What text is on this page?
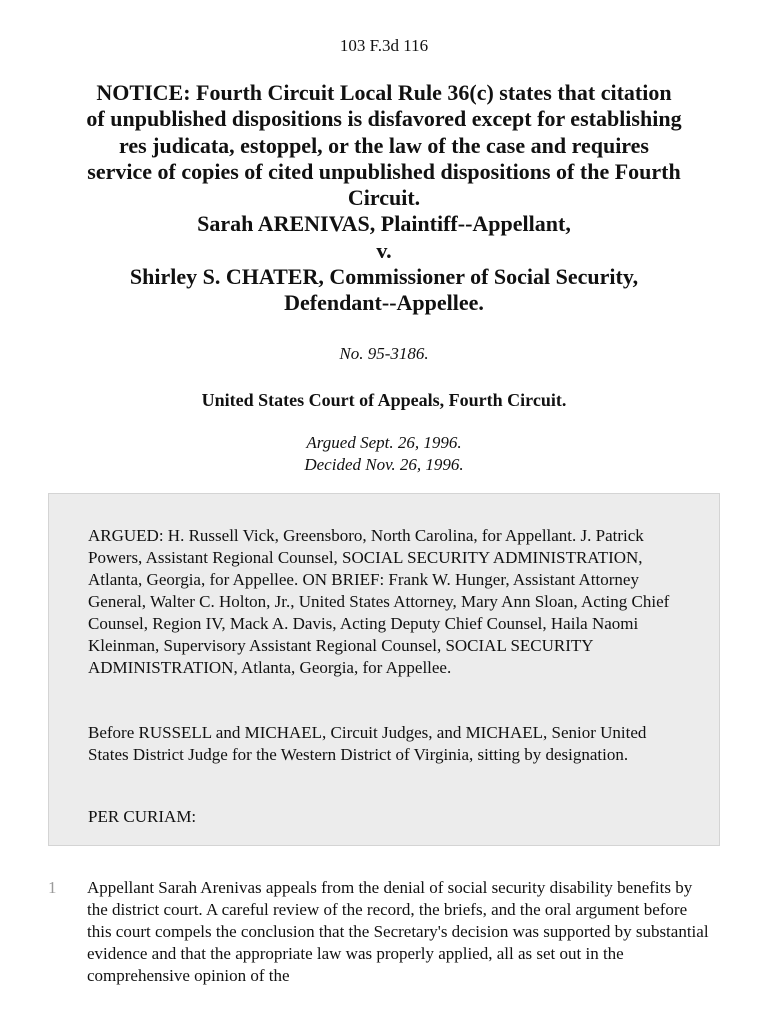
103 F.3d 116
NOTICE: Fourth Circuit Local Rule 36(c) states that citation
of unpublished dispositions is disfavored except for establishing
res judicata, estoppel, or the law of the case and requires
service of copies of cited unpublished dispositions of the Fourth
Circuit.
Sarah ARENIVAS, Plaintiff--Appellant,
v.
Shirley S. CHATER, Commissioner of Social Security,
Defendant--Appellee.
No. 95-3186.
United States Court of Appeals, Fourth Circuit.
Argued Sept. 26, 1996.
Decided Nov. 26, 1996.

ARGUED: H. Russell Vick, Greensboro, North Carolina, for Appellant. J. Patrick Powers, Assistant Regional Counsel, SOCIAL SECURITY ADMINISTRATION, Atlanta, Georgia, for Appellee. ON BRIEF: Frank W. Hunger, Assistant Attorney General, Walter C. Holton, Jr., United States Attorney, Mary Ann Sloan, Acting Chief Counsel, Region IV, Mack A. Davis, Acting Deputy Chief Counsel, Haila Naomi Kleinman, Supervisory Assistant Regional Counsel, SOCIAL SECURITY ADMINISTRATION, Atlanta, Georgia, for Appellee.

Before RUSSELL and MICHAEL, Circuit Judges, and MICHAEL, Senior United States District Judge for the Western District of Virginia, sitting by designation.

PER CURIAM:

1 Appellant Sarah Arenivas appeals from the denial of social security disability benefits by the district court. A careful review of the record, the briefs, and the oral argument before this court compels the conclusion that the Secretary's decision was supported by substantial evidence and that the appropriate law was properly applied, all as set out in the comprehensive opinion of the
